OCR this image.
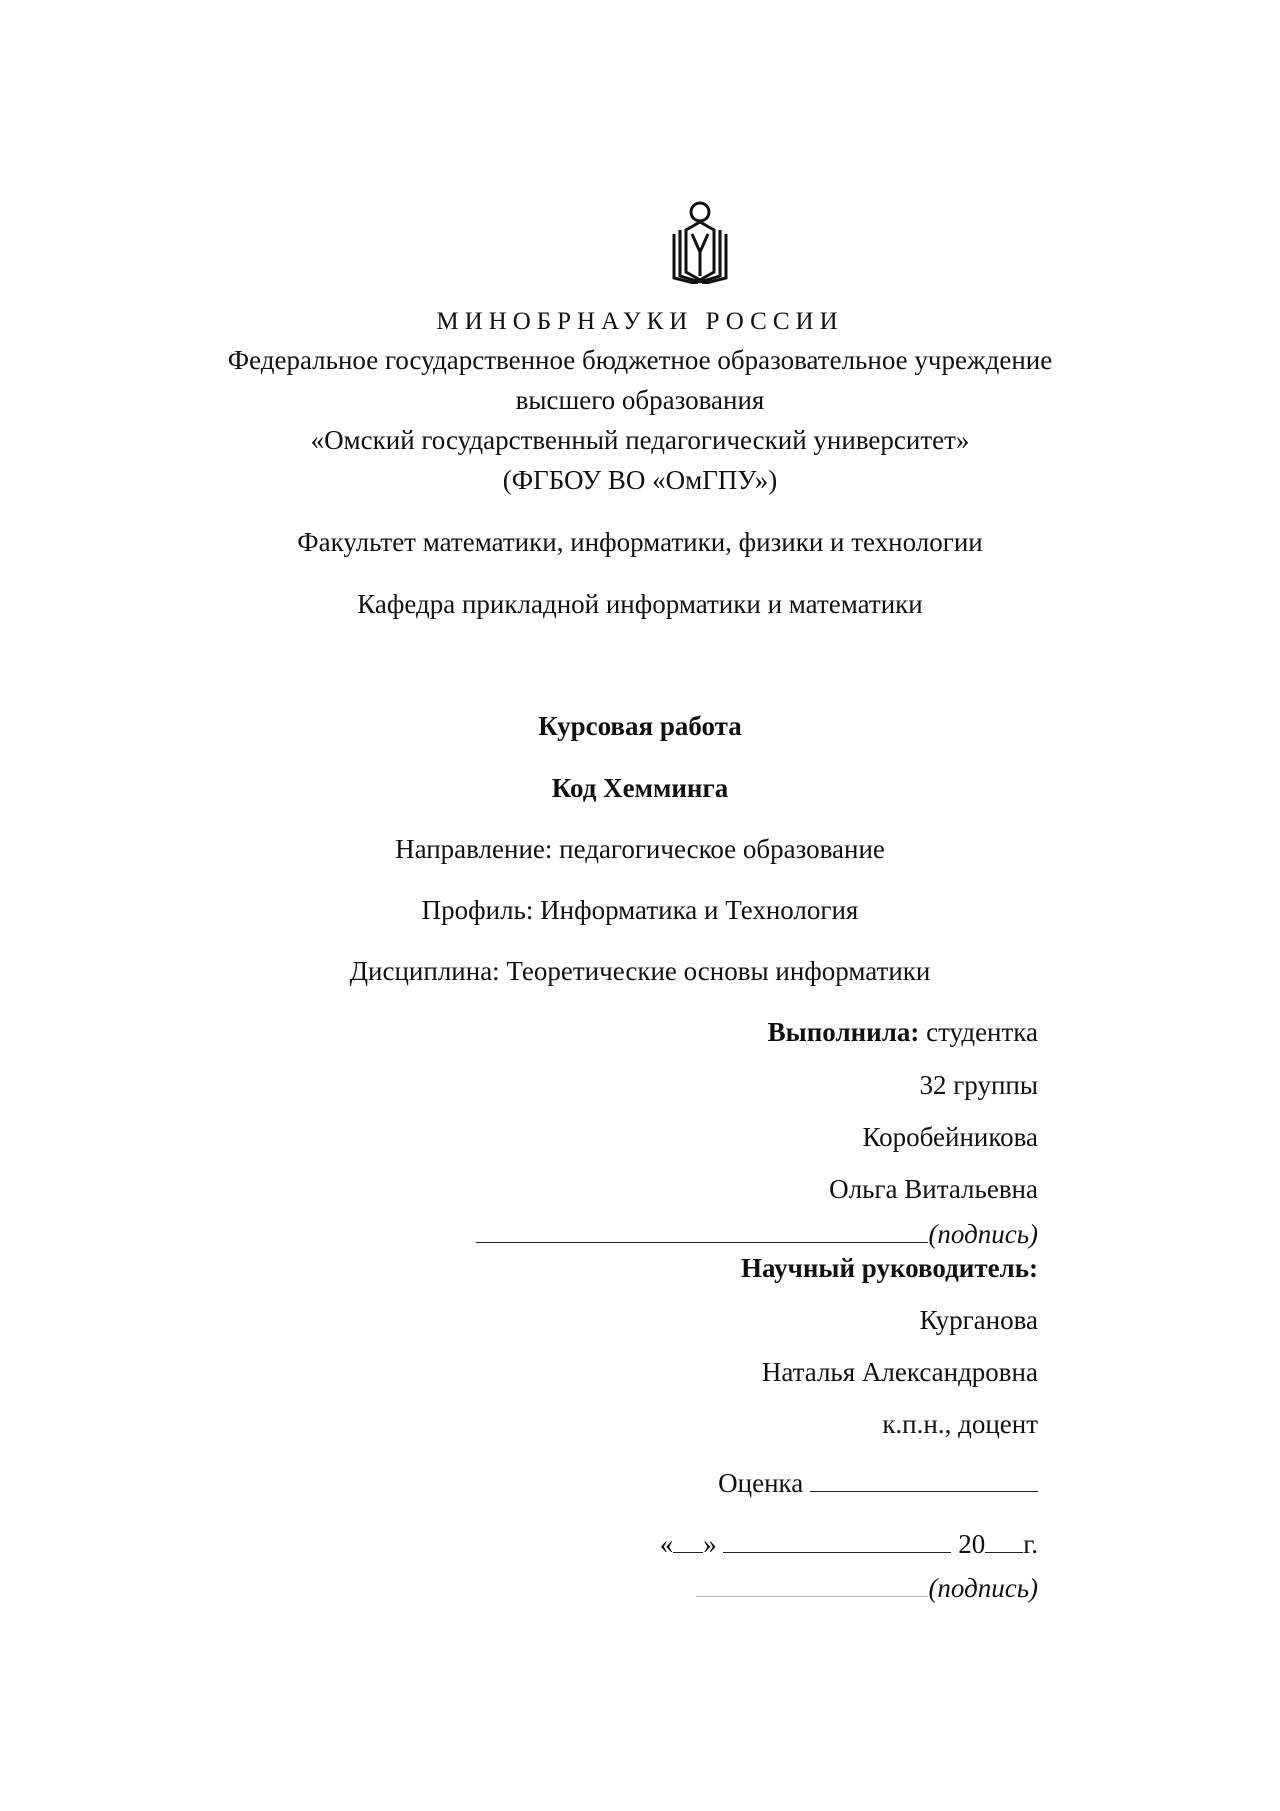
МИНОБРНАУКИ РОССИИ
Федеральное государственное бюджетное образовательное учреждение
высшего образования
«Омский государственный педагогический университет»
(ФГБОУ ВО «ОмГПУ»)
Факультет математики, информатики, физики и технологии
Кафедра прикладной информатики и математики
Курсовая работа
Код Хемминга
Направление: педагогическое образование
Профиль: Информатика и Технология
Дисциплина: Теоретические основы информатики
Выполнила: студентка
32 группы
Коробейникова
Ольга Витальевна
(подпись)
Научный руководитель:
Курганова
Наталья Александровна
к.п.н., доцент
Оценка
« »	20 г.
(подпись)
